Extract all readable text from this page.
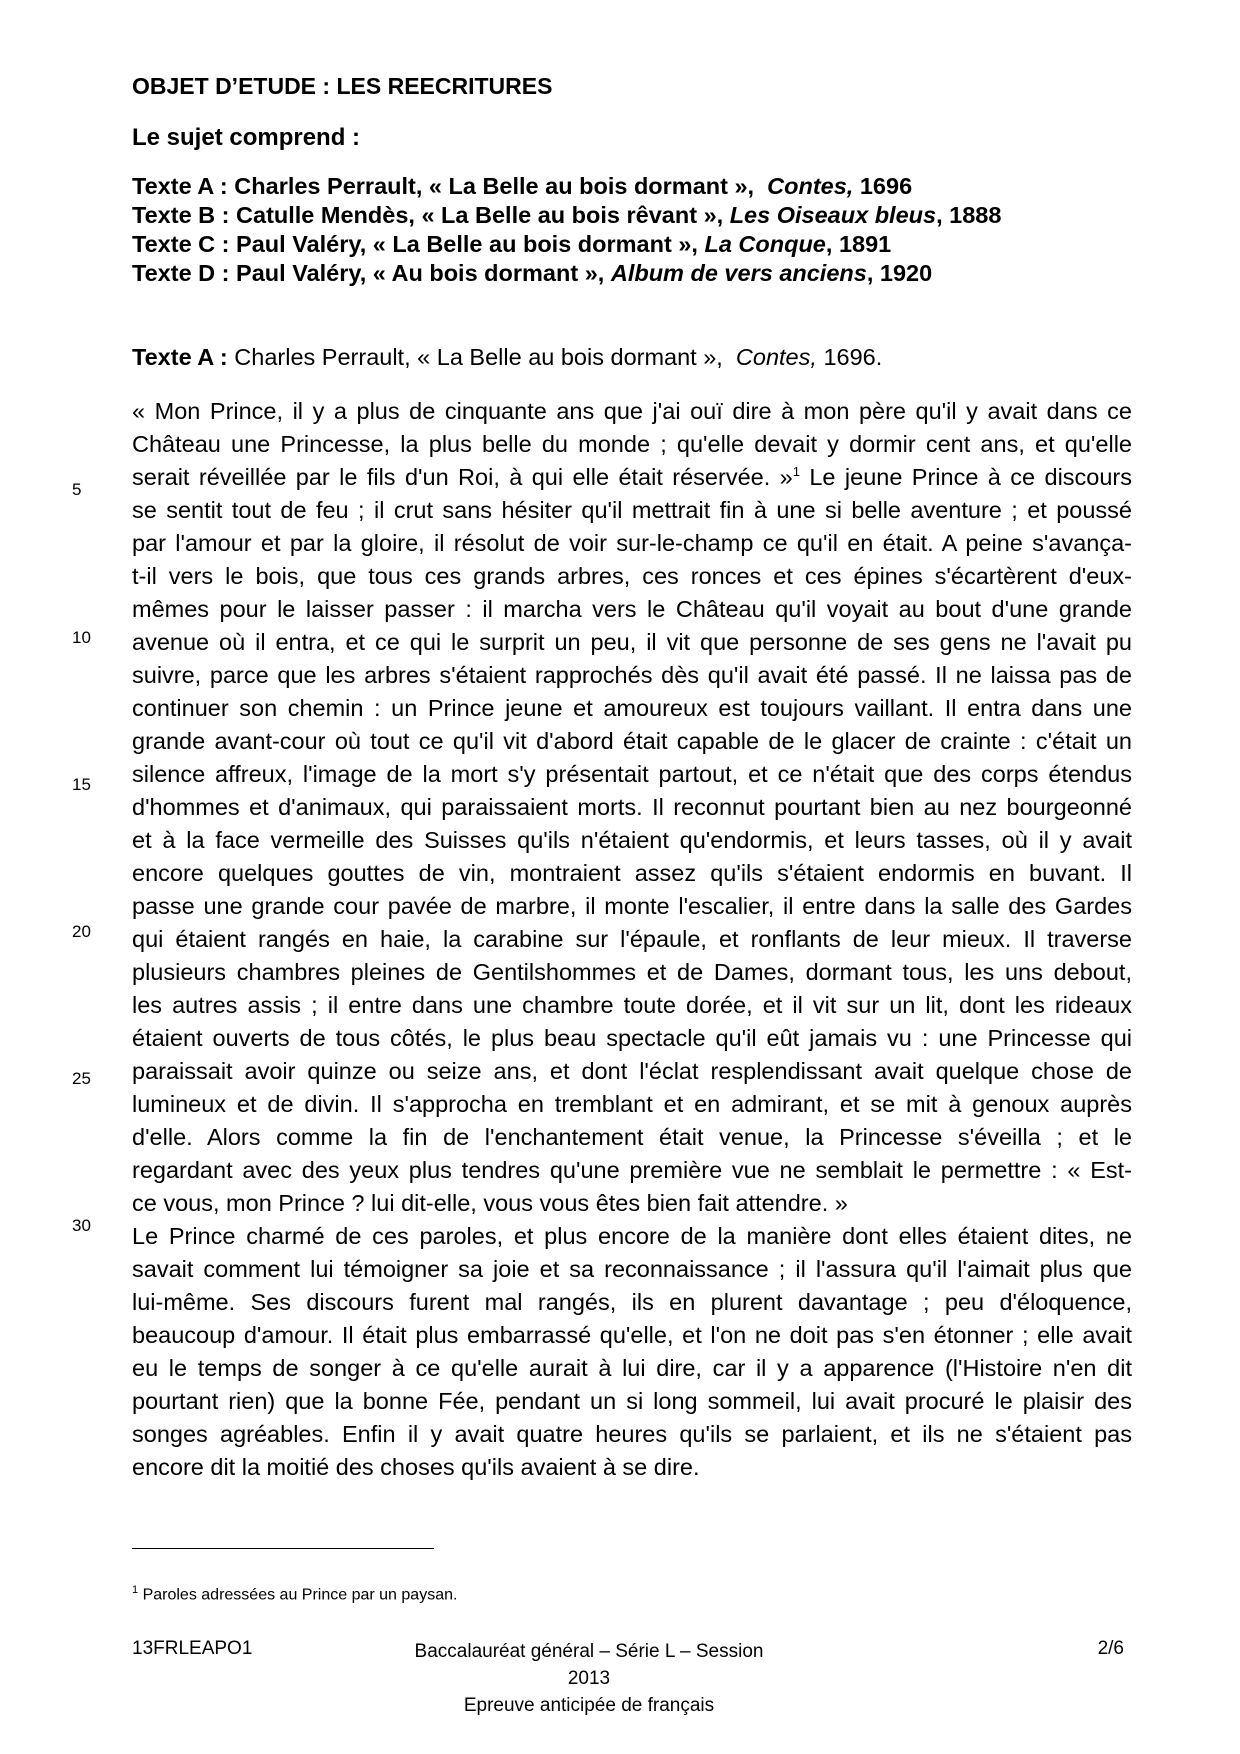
OBJET D’ETUDE : LES REECRITURES
Le sujet comprend :
Texte A : Charles Perrault, « La Belle au bois dormant », Contes, 1696
Texte B : Catulle Mendès, « La Belle au bois rêvant », Les Oiseaux bleus, 1888
Texte C : Paul Valéry, « La Belle au bois dormant », La Conque, 1891
Texte D : Paul Valéry, « Au bois dormant », Album de vers anciens, 1920

Texte A : Charles Perrault, « La Belle au bois dormant », Contes, 1696.

5
10
15
20
25
30
« Mon Prince, il y a plus de cinquante ans que j'ai ouï dire à mon père qu'il y avait dans ce
Château une Princesse, la plus belle du monde ; qu'elle devait y dormir cent ans, et qu'elle
serait réveillée par le fils d'un Roi, à qui elle était réservée. »$^1$ Le jeune Prince à ce discours
se sentit tout de feu ; il crut sans hésiter qu'il mettrait fin à une si belle aventure ; et poussé
par l'amour et par la gloire, il résolut de voir sur-le-champ ce qu'il en était. A peine s'avança-
t-il vers le bois, que tous ces grands arbres, ces ronces et ces épines s'écartèrent d'eux-
mêmes pour le laisser passer : il marcha vers le Château qu'il voyait au bout d'une grande
avenue où il entra, et ce qui le surprit un peu, il vit que personne de ses gens ne l'avait pu
suivre, parce que les arbres s'étaient rapprochés dès qu'il avait été passé. Il ne laissa pas de
continuer son chemin : un Prince jeune et amoureux est toujours vaillant. Il entra dans une
grande avant-cour où tout ce qu'il vit d'abord était capable de le glacer de crainte : c'était un
silence affreux, l'image de la mort s'y présentait partout, et ce n'était que des corps étendus
d'hommes et d'animaux, qui paraissaient morts. Il reconnut pourtant bien au nez bourgeonné
et à la face vermeille des Suisses qu'ils n'étaient qu'endormis, et leurs tasses, où il y avait
encore quelques gouttes de vin, montraient assez qu'ils s'étaient endormis en buvant. Il
passe une grande cour pavée de marbre, il monte l'escalier, il entre dans la salle des Gardes
qui étaient rangés en haie, la carabine sur l'épaule, et ronflants de leur mieux. Il traverse
plusieurs chambres pleines de Gentilshommes et de Dames, dormant tous, les uns debout,
les autres assis ; il entre dans une chambre toute dorée, et il vit sur un lit, dont les rideaux
étaient ouverts de tous côtés, le plus beau spectacle qu'il eût jamais vu : une Princesse qui
paraissait avoir quinze ou seize ans, et dont l'éclat resplendissant avait quelque chose de
lumineux et de divin. Il s'approcha en tremblant et en admirant, et se mit à genoux auprès
d'elle. Alors comme la fin de l'enchantement était venue, la Princesse s'éveilla ; et le
regardant avec des yeux plus tendres qu'une première vue ne semblait le permettre : « Est-
ce vous, mon Prince ? lui dit-elle, vous vous êtes bien fait attendre. »
Le Prince charmé de ces paroles, et plus encore de la manière dont elles étaient dites, ne
savait comment lui témoigner sa joie et sa reconnaissance ; il l'assura qu'il l'aimait plus que
lui-même. Ses discours furent mal rangés, ils en plurent davantage ; peu d'éloquence,
beaucoup d'amour. Il était plus embarrassé qu'elle, et l'on ne doit pas s'en étonner ; elle avait
eu le temps de songer à ce qu'elle aurait à lui dire, car il y a apparence (l'Histoire n'en dit
pourtant rien) que la bonne Fée, pendant un si long sommeil, lui avait procuré le plaisir des
songes agréables. Enfin il y avait quatre heures qu'ils se parlaient, et ils ne s'étaient pas
encore dit la moitié des choses qu'ils avaient à se dire.

$^1$ Paroles adressées au Prince par un paysan.

13FRLEAPO1	Baccalauréat général – Série L – Session 2013
Epreuve anticipée de français
2/6
